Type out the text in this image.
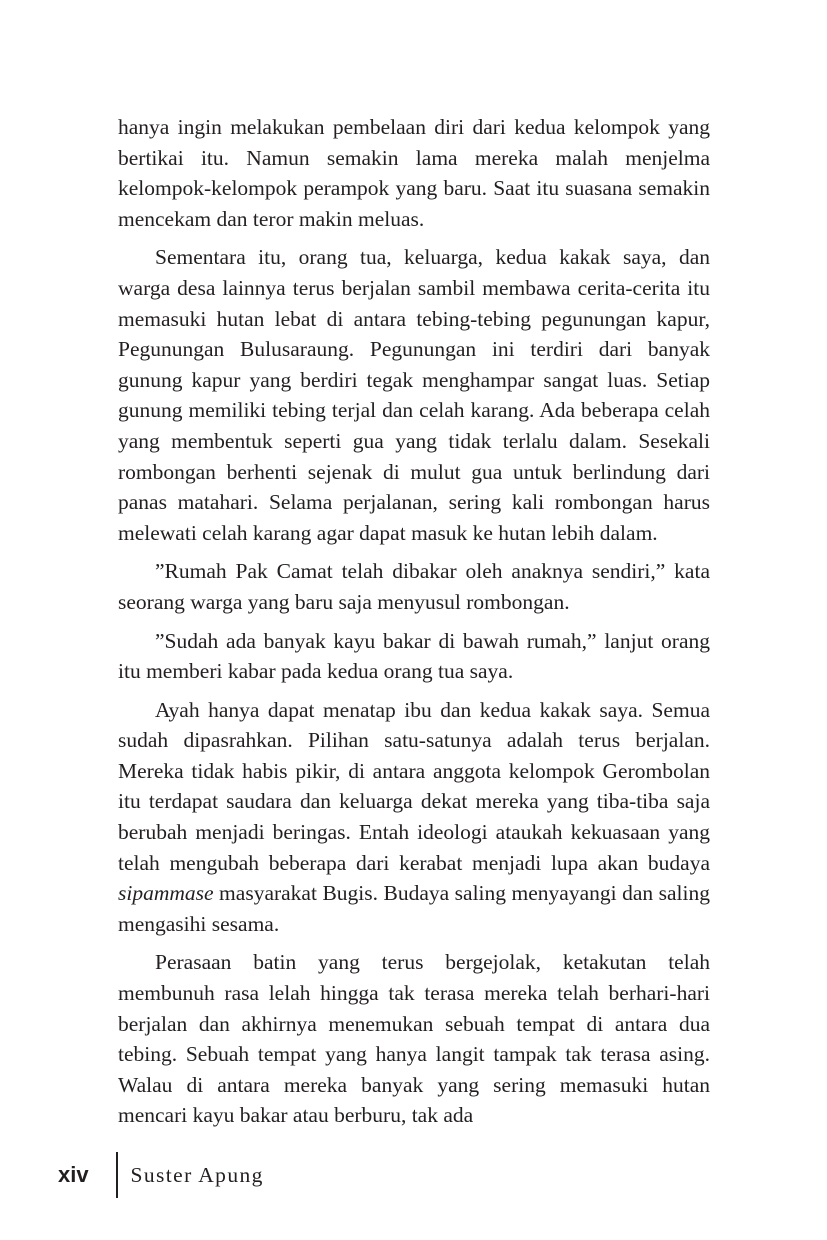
hanya ingin melakukan pembelaan diri dari kedua kelompok yang bertikai itu. Namun semakin lama mereka malah menjelma kelompok-kelompok perampok yang baru. Saat itu suasana semakin mencekam dan teror makin meluas.

Sementara itu, orang tua, keluarga, kedua kakak saya, dan warga desa lainnya terus berjalan sambil membawa cerita-cerita itu memasuki hutan lebat di antara tebing-tebing pegunungan kapur, Pegunungan Bulusaraung. Pegunungan ini terdiri dari banyak gunung kapur yang berdiri tegak menghampar sangat luas. Setiap gunung memiliki tebing terjal dan celah karang. Ada beberapa celah yang membentuk seperti gua yang tidak terlalu dalam. Sesekali rombongan berhenti sejenak di mulut gua untuk berlindung dari panas matahari. Selama perjalanan, sering kali rombongan harus melewati celah karang agar dapat masuk ke hutan lebih dalam.

”Rumah Pak Camat telah dibakar oleh anaknya sendiri,” kata seorang warga yang baru saja menyusul rombongan.

”Sudah ada banyak kayu bakar di bawah rumah,” lanjut orang itu memberi kabar pada kedua orang tua saya.

Ayah hanya dapat menatap ibu dan kedua kakak saya. Semua sudah dipasrahkan. Pilihan satu-satunya adalah terus berjalan. Mereka tidak habis pikir, di antara anggota kelompok Gerombolan itu terdapat saudara dan keluarga dekat mereka yang tiba-tiba saja berubah menjadi beringas. Entah ideologi ataukah kekuasaan yang telah mengubah beberapa dari kerabat menjadi lupa akan budaya sipammase masyarakat Bugis. Budaya saling menyayangi dan saling mengasihi sesama.

Perasaan batin yang terus bergejolak, ketakutan telah membunuh rasa lelah hingga tak terasa mereka telah berhari-hari berjalan dan akhirnya menemukan sebuah tempat di antara dua tebing. Sebuah tempat yang hanya langit tampak tak terasa asing. Walau di antara mereka banyak yang sering memasuki hutan mencari kayu bakar atau berburu, tak ada

xiv	Suster Apung
